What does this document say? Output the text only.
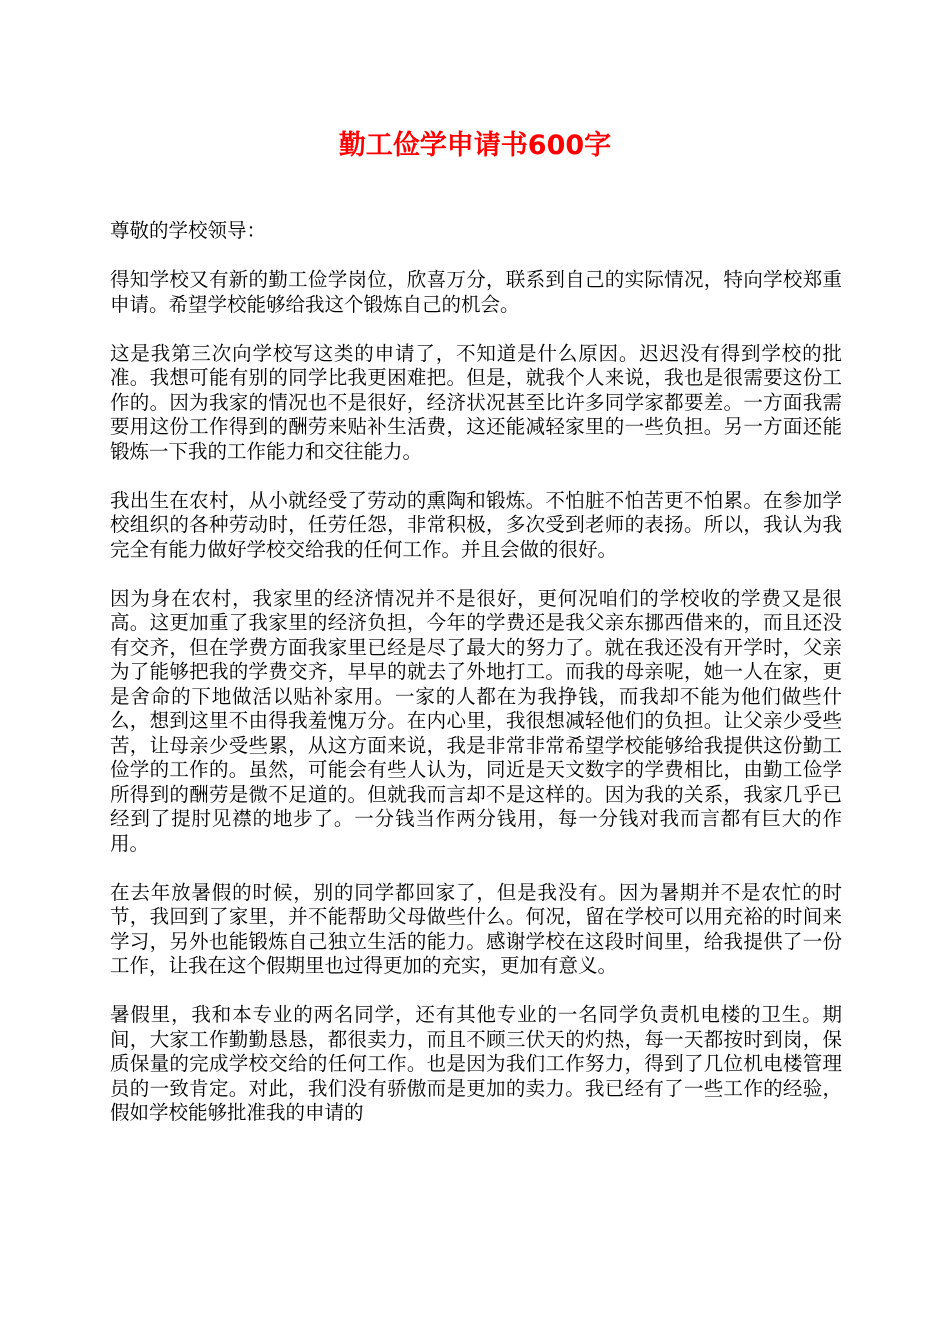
勤工俭学申请书600字

尊敬的学校领导：

得知学校又有新的勤工俭学岗位，欣喜万分，联系到自己的实际情况，特向学校郑重申请。希望学校能够给我这个锻炼自己的机会。

这是我第三次向学校写这类的申请了，不知道是什么原因。迟迟没有得到学校的批准。我想可能有别的同学比我更困难把。但是，就我个人来说，我也是很需要这份工作的。因为我家的情况也不是很好，经济状况甚至比许多同学家都要差。一方面我需要用这份工作得到的酬劳来贴补生活费，这还能减轻家里的一些负担。另一方面还能锻炼一下我的工作能力和交往能力。

我出生在农村，从小就经受了劳动的熏陶和锻炼。不怕脏不怕苦更不怕累。在参加学校组织的各种劳动时，任劳任怨，非常积极，多次受到老师的表扬。所以，我认为我完全有能力做好学校交给我的任何工作。并且会做的很好。

因为身在农村，我家里的经济情况并不是很好，更何况咱们的学校收的学费又是很高。这更加重了我家里的经济负担，今年的学费还是我父亲东挪西借来的，而且还没有交齐，但在学费方面我家里已经是尽了最大的努力了。就在我还没有开学时，父亲为了能够把我的学费交齐，早早的就去了外地打工。而我的母亲呢，她一人在家，更是舍命的下地做活以贴补家用。一家的人都在为我挣钱，而我却不能为他们做些什么，想到这里不由得我羞愧万分。在内心里，我很想减轻他们的负担。让父亲少受些苦，让母亲少受些累，从这方面来说，我是非常非常希望学校能够给我提供这份勤工俭学的工作的。虽然，可能会有些人认为，同近是天文数字的学费相比，由勤工俭学所得到的酬劳是微不足道的。但就我而言却不是这样的。因为我的关系，我家几乎已经到了提肘见襟的地步了。一分钱当作两分钱用，每一分钱对我而言都有巨大的作用。

在去年放暑假的时候，别的同学都回家了，但是我没有。因为暑期并不是农忙的时节，我回到了家里，并不能帮助父母做些什么。何况，留在学校可以用充裕的时间来学习，另外也能锻炼自己独立生活的能力。感谢学校在这段时间里，给我提供了一份工作，让我在这个假期里也过得更加的充实，更加有意义。

暑假里，我和本专业的两名同学，还有其他专业的一名同学负责机电楼的卫生。期间，大家工作勤勤恳恳，都很卖力，而且不顾三伏天的灼热，每一天都按时到岗，保质保量的完成学校交给的任何工作。也是因为我们工作努力，得到了几位机电楼管理员的一致肯定。对此，我们没有骄傲而是更加的卖力。我已经有了一些工作的经验，假如学校能够批准我的申请的
